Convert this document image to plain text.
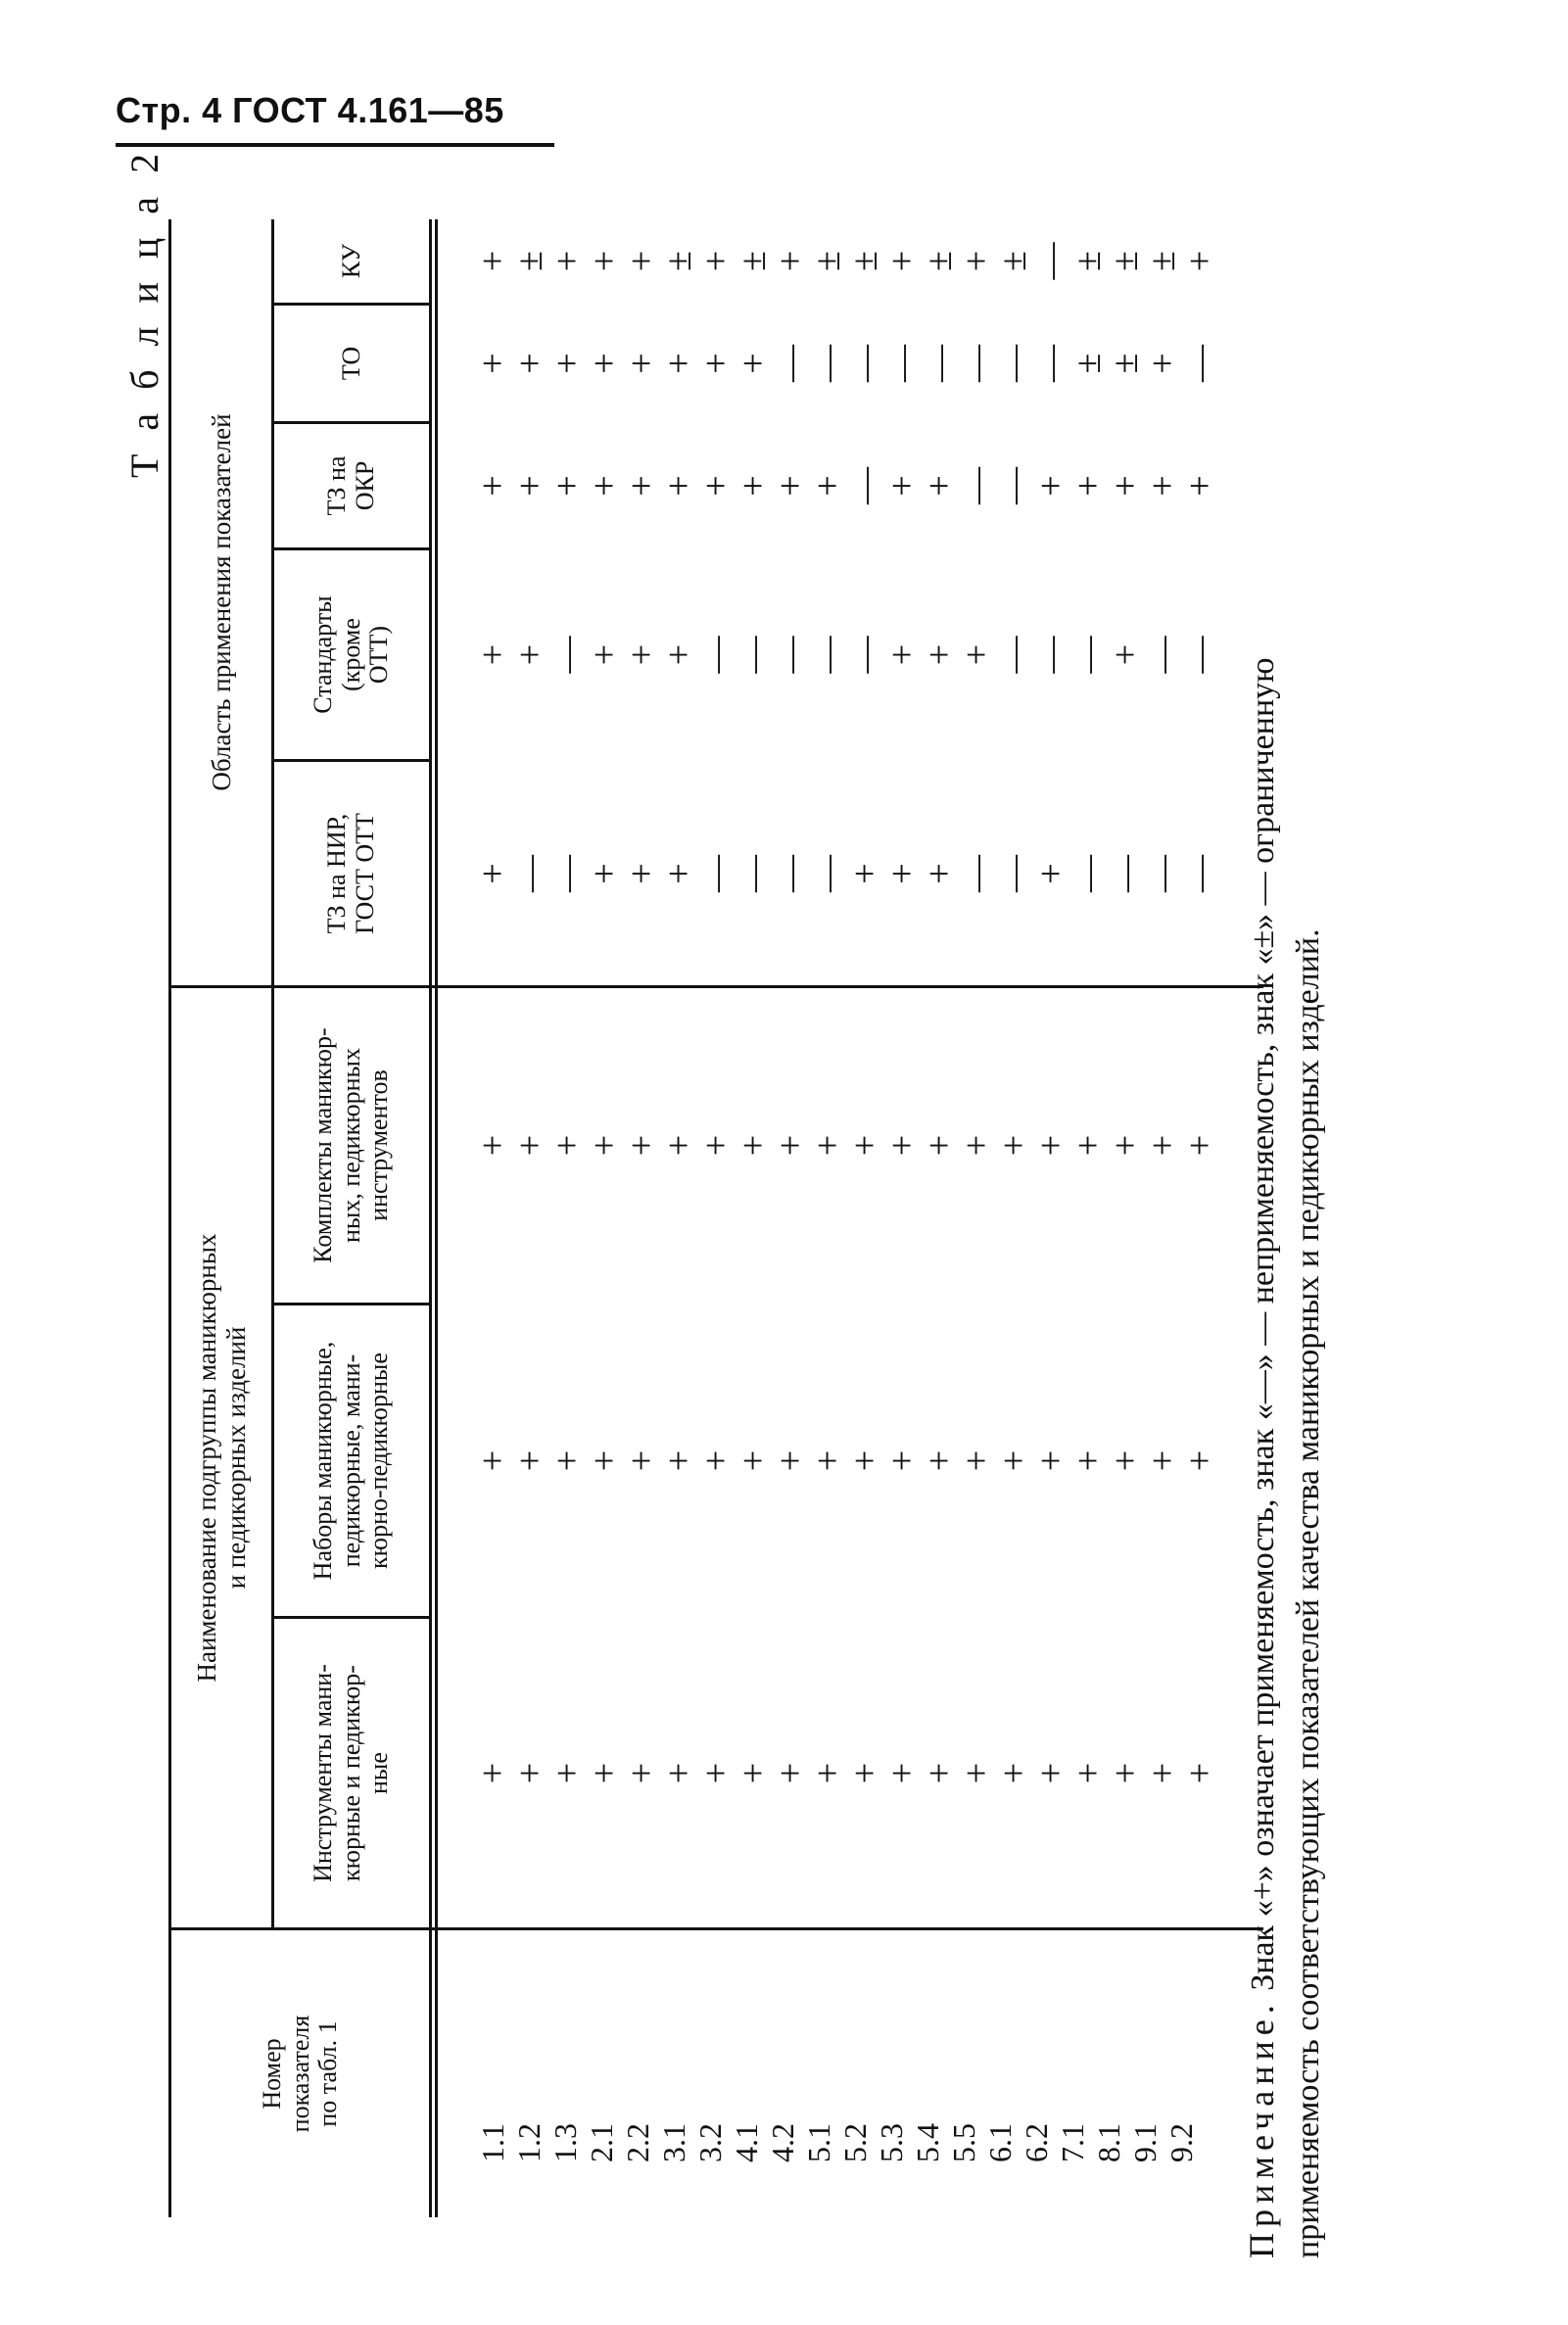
Стр. 4 ГОСТ 4.161—85
Т а б л и ц а 2
Номер
показателя
по табл. 1
Наименование подгруппы маникюрных
и педикюрных изделий
Область применения показателей
Инструменты мани-
кюрные и педикюр-
ные
Наборы маникюрные,
педикюрные, мани-
кюрно-педикюрные
Комплекты маникюр-
ных, педикюрных
инструментов
ТЗ на НИР,
ГОСТ ОТТ
Стандарты
(кроме
ОТТ)
ТЗ на
ОКР
ТО
КУ
1.1 1.2 1.3 2.1 2.2 3.1 3.2 4.1 4.2 5.1 5.2 5.3 5.4 5.5 6.1 6.2 7.1 8.1 9.1 9.2
+
+
+
+
+
+
+
+
+
+
+
+
+
+
+
+
+
+
+
+
+
+
+
+
+
+
+
+
+
+
+
+
+
+
+
+
+
+
+
+
+
+
+
+
+
+
+
+
+
+
+
+
+
+
+
+
+
+
+
+
+
—
—
+
+
+
—
—
—
—
+
+
+
—
—
+
—
—
—
—
+
+
—
+
+
+
—
—
—
—
—
+
+
+
—
—
—
+
—
—
+
+
+
+
+
+
+
+
+
+
—
+
+
—
—
+
+
+
+
+
+
+
+
+
+
+
+
+
—
—
—
—
—
—
—
—
±
±
+
—
+
±
+
+
+
±
+
±
+
±
±
+
±
+
±
—
±
±
±
+
Примечание. Знак «+» означает применяемость, знак «—» — неприменяемость, знак «±» — ограниченную применяемость соответствующих показателей качества маникюрных и педикюрных изделий.
